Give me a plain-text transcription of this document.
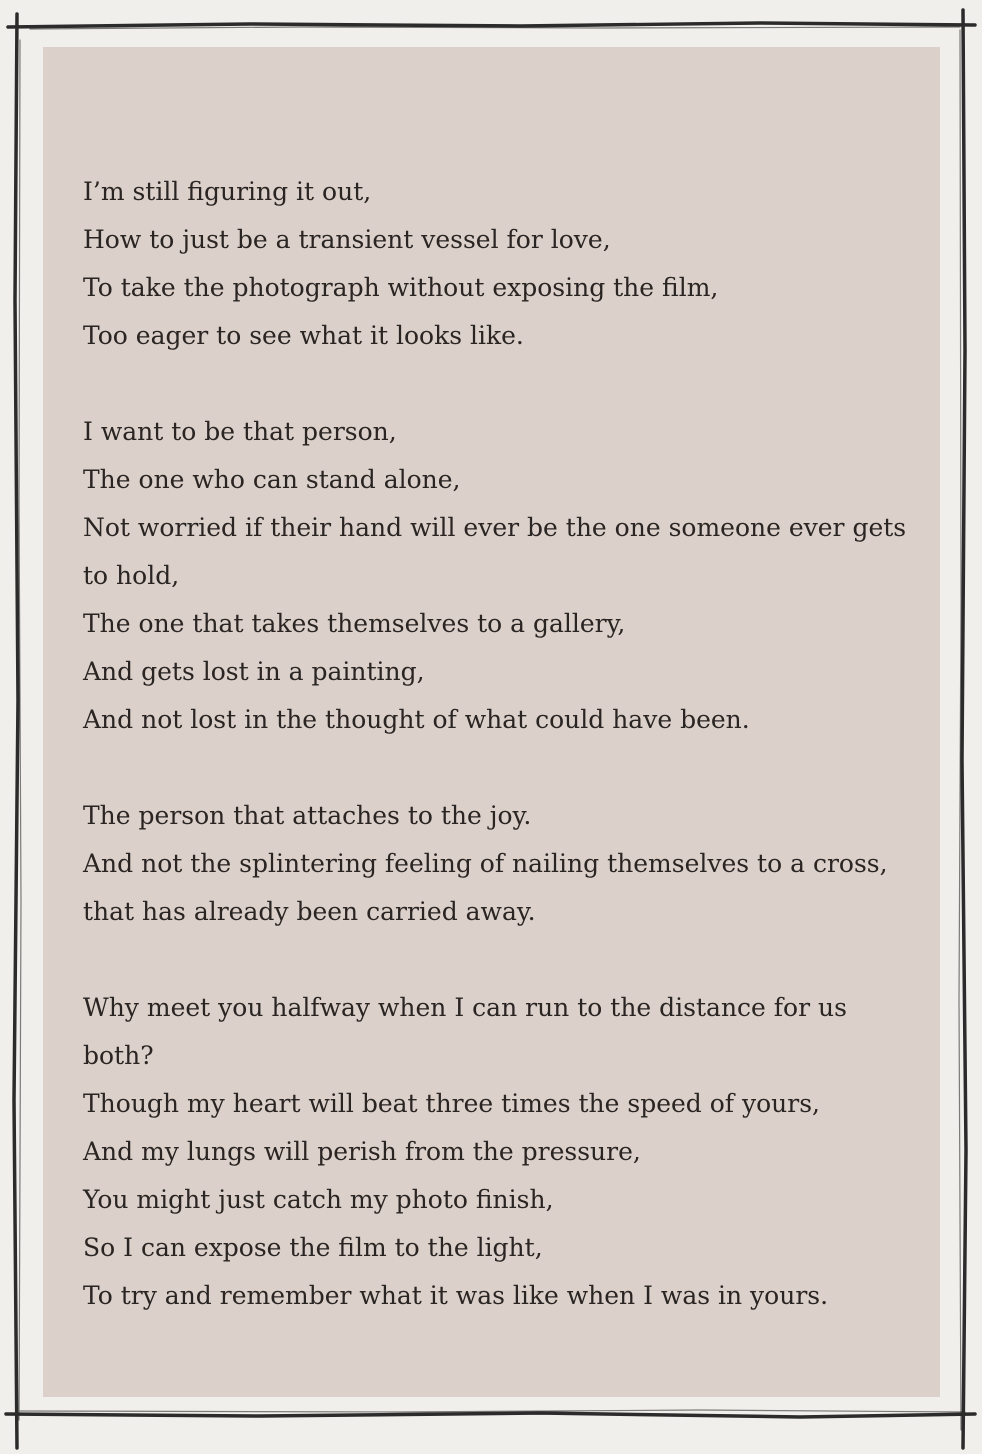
I’m still figuring it out,
How to just be a transient vessel for love,
To take the photograph without exposing the film,
Too eager to see what it looks like.
I want to be that person,
The one who can stand alone,
Not worried if their hand will ever be the one someone ever gets to hold,
The one that takes themselves to a gallery,
And gets lost in a painting,
And not lost in the thought of what could have been.
The person that attaches to the joy.
And not the splintering feeling of nailing themselves to a cross,
that has already been carried away.
Why meet you halfway when I can run to the distance for us both?
Though my heart will beat three times the speed of yours,
And my lungs will perish from the pressure,
You might just catch my photo finish,
So I can expose the film to the light,
To try and remember what it was like when I was in yours.
